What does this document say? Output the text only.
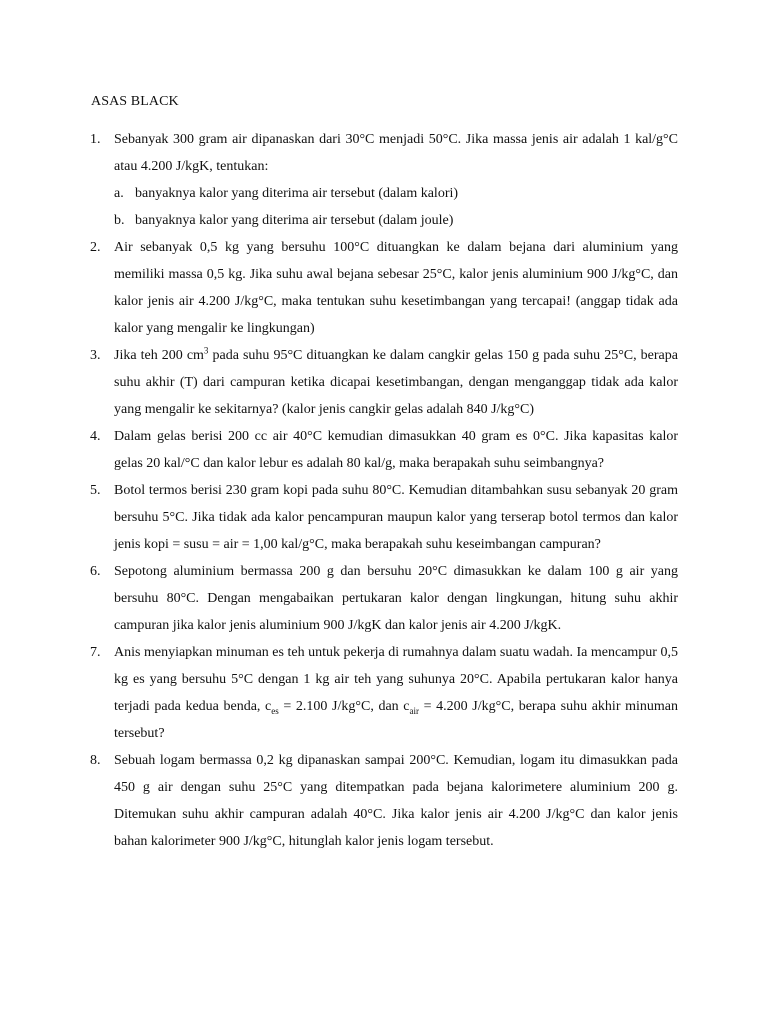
ASAS BLACK
1. Sebanyak 300 gram air dipanaskan dari 30°C menjadi 50°C. Jika massa jenis air adalah 1 kal/g°C atau 4.200 J/kgK, tentukan:
a. banyaknya kalor yang diterima air tersebut (dalam kalori)
b. banyaknya kalor yang diterima air tersebut (dalam joule)
2. Air sebanyak 0,5 kg yang bersuhu 100°C dituangkan ke dalam bejana dari aluminium yang memiliki massa 0,5 kg. Jika suhu awal bejana sebesar 25°C, kalor jenis aluminium 900 J/kg°C, dan kalor jenis air 4.200 J/kg°C, maka tentukan suhu kesetimbangan yang tercapai! (anggap tidak ada kalor yang mengalir ke lingkungan)
3. Jika teh 200 $cm^3$ pada suhu 95°C dituangkan ke dalam cangkir gelas 150 g pada suhu 25°C, berapa suhu akhir (T) dari campuran ketika dicapai kesetimbangan, dengan menganggap tidak ada kalor yang mengalir ke sekitarnya? (kalor jenis cangkir gelas adalah 840 J/kg°C)
4. Dalam gelas berisi 200 cc air 40°C kemudian dimasukkan 40 gram es 0°C. Jika kapasitas kalor gelas 20 kal/°C dan kalor lebur es adalah 80 kal/g, maka berapakah suhu seimbangnya?
5. Botol termos berisi 230 gram kopi pada suhu 80°C. Kemudian ditambahkan susu sebanyak 20 gram bersuhu 5°C. Jika tidak ada kalor pencampuran maupun kalor yang terserap botol termos dan kalor jenis kopi = susu = air = 1,00 kal/g°C, maka berapakah suhu keseimbangan campuran?
6. Sepotong aluminium bermassa 200 g dan bersuhu 20°C dimasukkan ke dalam 100 g air yang bersuhu 80°C. Dengan mengabaikan pertukaran kalor dengan lingkungan, hitung suhu akhir campuran jika kalor jenis aluminium 900 J/kgK dan kalor jenis air 4.200 J/kgK.
7. Anis menyiapkan minuman es teh untuk pekerja di rumahnya dalam suatu wadah. Ia mencampur 0,5 kg es yang bersuhu 5°C dengan 1 kg air teh yang suhunya 20°C. Apabila pertukaran kalor hanya terjadi pada kedua benda, $c_{es} = 2.100$ J/kg°C, dan $c_{air} = 4.200$ J/kg°C, berapa suhu akhir minuman tersebut?
8. Sebuah logam bermassa 0,2 kg dipanaskan sampai 200°C. Kemudian, logam itu dimasukkan pada 450 g air dengan suhu 25°C yang ditempatkan pada bejana kalorimetere aluminium 200 g. Ditemukan suhu akhir campuran adalah 40°C. Jika kalor jenis air 4.200 J/kg°C dan kalor jenis bahan kalorimeter 900 J/kg°C, hitunglah kalor jenis logam tersebut.
